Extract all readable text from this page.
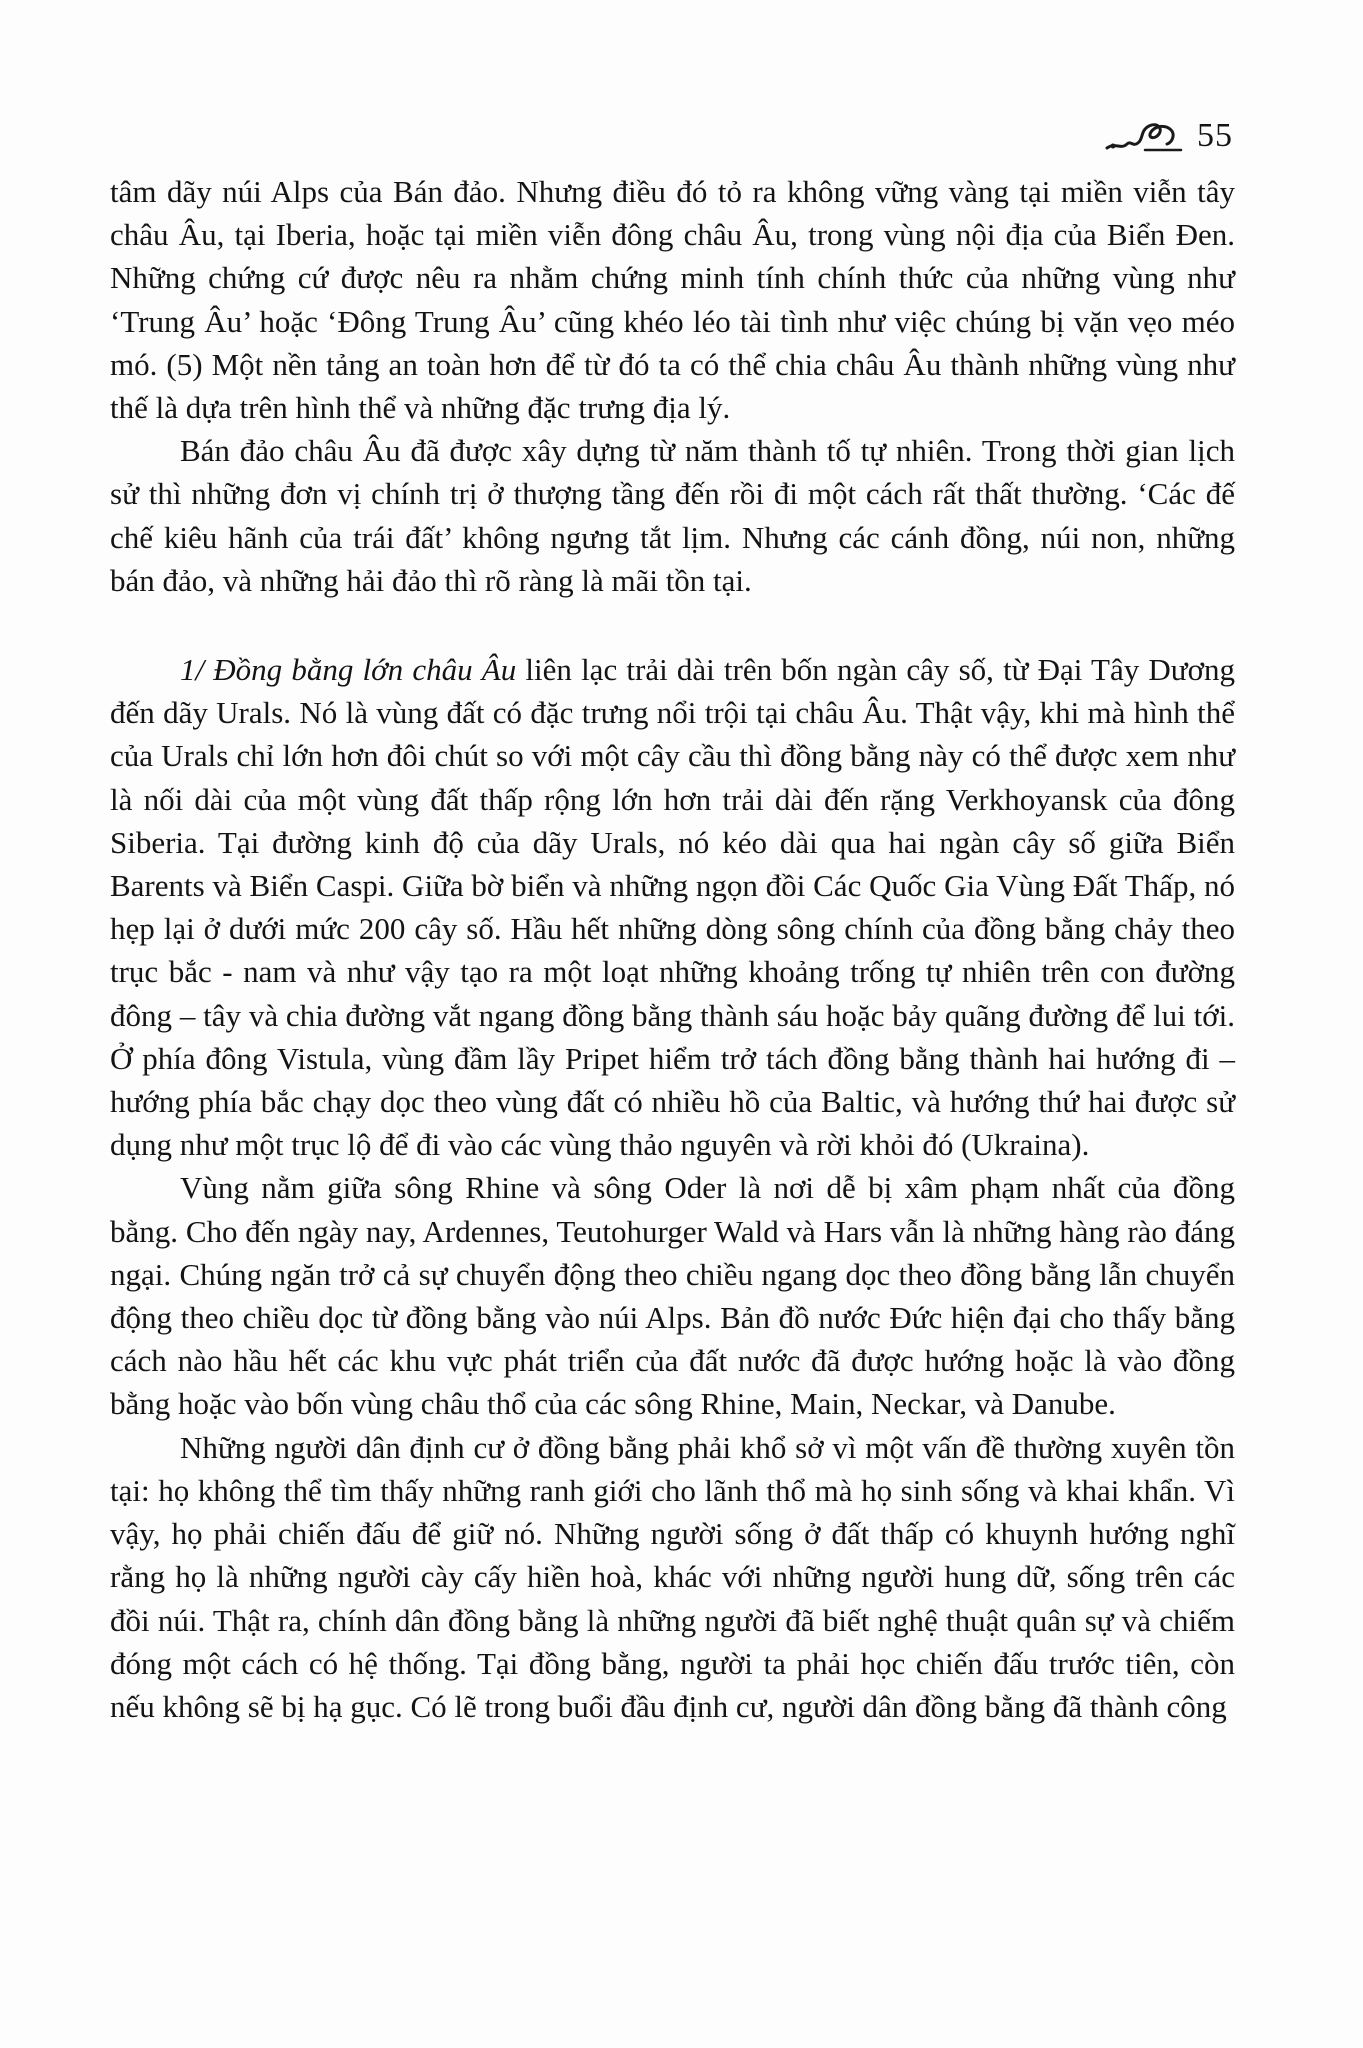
55

tâm dãy núi Alps của Bán đảo. Nhưng điều đó tỏ ra không vững vàng tại miền viễn tây châu Âu, tại Iberia, hoặc tại miền viễn đông châu Âu, trong vùng nội địa của Biển Đen. Những chứng cứ được nêu ra nhằm chứng minh tính chính thức của những vùng như ‘Trung Âu’ hoặc ‘Đông Trung Âu’ cũng khéo léo tài tình như việc chúng bị vặn vẹo méo mó. (5) Một nền tảng an toàn hơn để từ đó ta có thể chia châu Âu thành những vùng như thế là dựa trên hình thể và những đặc trưng địa lý.

Bán đảo châu Âu đã được xây dựng từ năm thành tố tự nhiên. Trong thời gian lịch sử thì những đơn vị chính trị ở thượng tầng đến rồi đi một cách rất thất thường. ‘Các đế chế kiêu hãnh của trái đất’ không ngưng tắt lịm. Nhưng các cánh đồng, núi non, những bán đảo, và những hải đảo thì rõ ràng là mãi tồn tại.

1/ Đồng bằng lớn châu Âu liên lạc trải dài trên bốn ngàn cây số, từ Đại Tây Dương đến dãy Urals. Nó là vùng đất có đặc trưng nổi trội tại châu Âu. Thật vậy, khi mà hình thể của Urals chỉ lớn hơn đôi chút so với một cây cầu thì đồng bằng này có thể được xem như là nối dài của một vùng đất thấp rộng lớn hơn trải dài đến rặng Verkhoyansk của đông Siberia. Tại đường kinh độ của dãy Urals, nó kéo dài qua hai ngàn cây số giữa Biển Barents và Biển Caspi. Giữa bờ biển và những ngọn đồi Các Quốc Gia Vùng Đất Thấp, nó hẹp lại ở dưới mức 200 cây số. Hầu hết những dòng sông chính của đồng bằng chảy theo trục bắc - nam và như vậy tạo ra một loạt những khoảng trống tự nhiên trên con đường đông – tây và chia đường vắt ngang đồng bằng thành sáu hoặc bảy quãng đường để lui tới. Ở phía đông Vistula, vùng đầm lầy Pripet hiểm trở tách đồng bằng thành hai hướng đi – hướng phía bắc chạy dọc theo vùng đất có nhiều hồ của Baltic, và hướng thứ hai được sử dụng như một trục lộ để đi vào các vùng thảo nguyên và rời khỏi đó (Ukraina).

Vùng nằm giữa sông Rhine và sông Oder là nơi dễ bị xâm phạm nhất của đồng bằng. Cho đến ngày nay, Ardennes, Teutohurger Wald và Hars vẫn là những hàng rào đáng ngại. Chúng ngăn trở cả sự chuyển động theo chiều ngang dọc theo đồng bằng lẫn chuyển động theo chiều dọc từ đồng bằng vào núi Alps. Bản đồ nước Đức hiện đại cho thấy bằng cách nào hầu hết các khu vực phát triển của đất nước đã được hướng hoặc là vào đồng bằng hoặc vào bốn vùng châu thổ của các sông Rhine, Main, Neckar, và Danube.

Những người dân định cư ở đồng bằng phải khổ sở vì một vấn đề thường xuyên tồn tại: họ không thể tìm thấy những ranh giới cho lãnh thổ mà họ sinh sống và khai khẩn. Vì vậy, họ phải chiến đấu để giữ nó. Những người sống ở đất thấp có khuynh hướng nghĩ rằng họ là những người cày cấy hiền hoà, khác với những người hung dữ, sống trên các đồi núi. Thật ra, chính dân đồng bằng là những người đã biết nghệ thuật quân sự và chiếm đóng một cách có hệ thống. Tại đồng bằng, người ta phải học chiến đấu trước tiên, còn nếu không sẽ bị hạ gục. Có lẽ trong buổi đầu định cư, người dân đồng bằng đã thành công
